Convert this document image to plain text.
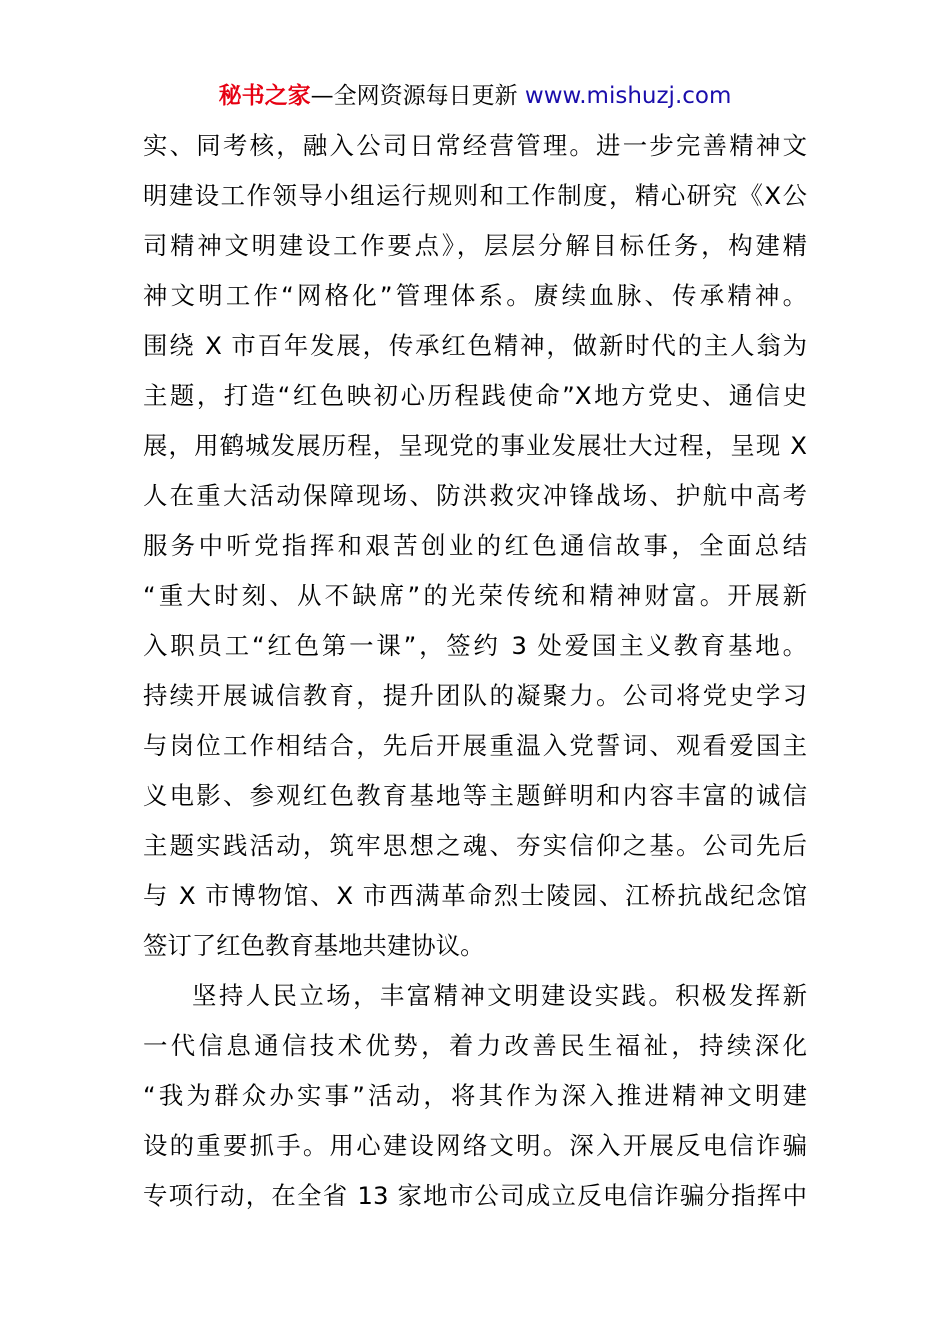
秘书之家—全网资源每日更新 www.mishuzj.com
实、同考核，融入公司日常经营管理。进一步完善精神文
明建设工作领导小组运行规则和工作制度，精心研究《X公
司精神文明建设工作要点》，层层分解目标任务，构建精
神文明工作“网格化”管理体系。赓续血脉、传承精神。
围绕 X 市百年发展，传承红色精神，做新时代的主人翁为
主题，打造“红色映初心历程践使命”X地方党史、通信史
展，用鹤城发展历程，呈现党的事业发展壮大过程，呈现 X
人在重大活动保障现场、防洪救灾冲锋战场、护航中高考
服务中听党指挥和艰苦创业的红色通信故事，全面总结
“重大时刻、从不缺席”的光荣传统和精神财富。开展新
入职员工“红色第一课”，签约 3 处爱国主义教育基地。
持续开展诚信教育，提升团队的凝聚力。公司将党史学习
与岗位工作相结合，先后开展重温入党誓词、观看爱国主
义电影、参观红色教育基地等主题鲜明和内容丰富的诚信
主题实践活动，筑牢思想之魂、夯实信仰之基。公司先后
与 X 市博物馆、X 市西满革命烈士陵园、江桥抗战纪念馆
签订了红色教育基地共建协议。
坚持人民立场，丰富精神文明建设实践。积极发挥新
一代信息通信技术优势，着力改善民生福祉，持续深化
“我为群众办实事”活动，将其作为深入推进精神文明建
设的重要抓手。用心建设网络文明。深入开展反电信诈骗
专项行动，在全省 13 家地市公司成立反电信诈骗分指挥中
